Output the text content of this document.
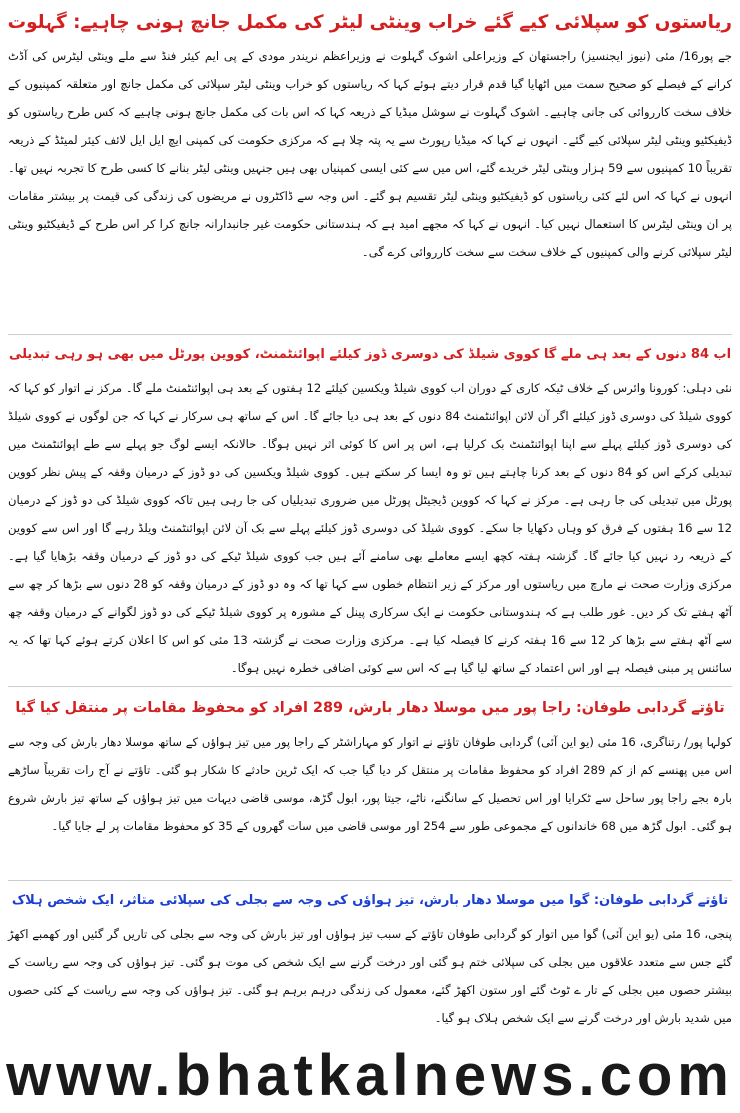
ریاستوں کو سپلائی کیے گئے خراب وینٹی لیٹر کی مکمل جانچ ہونی چاہیے: گہلوت

جے پور16/ مئی (نیوز ایجنسیز) راجستھان کے وزیراعلی اشوک گہلوت نے وزیراعظم نریندر مودی کے پی ایم کیئر فنڈ سے ملے وینٹی لیٹرس کی آڈٹ کرانے کے فیصلے کو صحیح سمت میں اٹھایا گیا قدم قرار دیتے ہوئے کہا کہ ریاستوں کو خراب وینٹی لیٹر سپلائی کی مکمل جانچ اور متعلقہ کمپنیوں کے خلاف سخت کارروائی کی جانی چاہیے۔ اشوک گہلوت نے سوشل میڈیا کے ذریعہ کہا کہ اس بات کی مکمل جانچ ہونی چاہیے کہ کس طرح ریاستوں کو ڈیفیکٹیو وینٹی لیٹر سپلائی کیے گئے۔ انہوں نے کہا کہ میڈیا رپورٹ سے یہ پتہ چلا ہے کہ مرکزی حکومت کی کمپنی ایچ ایل ایل لائف کیئر لمیٹڈ کے ذریعہ تقریباً 10 کمپنیوں سے 59 ہزار وینٹی لیٹر خریدے گئے، اس میں سے کئی ایسی کمپنیاں بھی ہیں جنہیں وینٹی لیٹر بنانے کا کسی طرح کا تجربہ نہیں تھا۔ انہوں نے کہا کہ اس لئے کئی ریاستوں کو ڈیفیکٹیو وینٹی لیٹر تقسیم ہو گئے۔ اس وجہ سے ڈاکٹروں نے مریضوں کی زندگی کی قیمت پر بیشتر مقامات پر ان وینٹی لیٹرس کا استعمال نہیں کیا۔ انہوں نے کہا کہ مجھے امید ہے کہ ہندستانی حکومت غیر جانبدارانہ جانچ کرا کر اس طرح کے ڈیفیکٹیو وینٹی لیٹر سپلائی کرنے والی کمپنیوں کے خلاف سخت سے سخت کارروائی کرے گی۔

اب 84 دنوں کے بعد ہی ملے گا کووی شیلڈ کی دوسری ڈوز کیلئے اپوائنٹمنٹ، کووین پورٹل میں بھی ہو رہی تبدیلی

نئی دہلی: کورونا وائرس کے خلاف ٹیکہ کاری کے دوران اب کووی شیلڈ ویکسین کیلئے 12 ہفتوں کے بعد ہی اپوائنٹمنٹ ملے گا۔ مرکز نے اتوار کو کہا کہ کووی شیلڈ کی دوسری ڈوز کیلئے اگر آن لائن اپوائنٹمنٹ 84 دنوں کے بعد ہی دیا جائے گا۔ اس کے ساتھ ہی سرکار نے کہا کہ جن لوگوں نے کووی شیلڈ کی دوسری ڈوز کیلئے پہلے سے اپنا اپوائنٹمنٹ بک کرلیا ہے، اس پر اس کا کوئی اثر نہیں ہوگا۔ حالانکہ ایسے لوگ جو پہلے سے طے اپوائنٹمنٹ میں تبدیلی کرکے اس کو 84 دنوں کے بعد کرنا چاہتے ہیں تو وہ ایسا کر سکتے ہیں۔ کووی شیلڈ ویکسین کی دو ڈوز کے درمیان وقفہ کے پیش نظر کووین پورٹل میں تبدیلی کی جا رہی ہے۔ مرکز نے کہا کہ کووین ڈیجیٹل پورٹل میں ضروری تبدیلیاں کی جا رہی ہیں تاکہ کووی شیلڈ کی دو ڈوز کے درمیان 12 سے 16 ہفتوں کے فرق کو وہاں دکھایا جا سکے۔ کووی شیلڈ کی دوسری ڈوز کیلئے پہلے سے بک آن لائن اپوائنٹمنٹ ویلڈ رہے گا اور اس سے کووین کے ذریعہ رد نہیں کیا جائے گا۔ گزشتہ ہفتہ کچھ ایسے معاملے بھی سامنے آئے ہیں جب کووی شیلڈ ٹیکے کی دو ڈوز کے درمیان وقفہ بڑھایا گیا ہے۔ مرکزی وزارت صحت نے مارچ میں ریاستوں اور مرکز کے زیر انتظام خطوں سے کہا تھا کہ وہ دو ڈوز کے درمیان وقفہ کو 28 دنوں سے بڑھا کر چھ سے آٹھ ہفتے تک کر دیں۔ غور طلب ہے کہ ہندوستانی حکومت نے ایک سرکاری پینل کے مشورہ پر کووی شیلڈ ٹیکے کی دو ڈوز لگوانے کے درمیان وقفہ چھ سے آٹھ ہفتے سے بڑھا کر 12 سے 16 ہفتہ کرنے کا فیصلہ کیا ہے۔ مرکزی وزارت صحت نے گزشتہ 13 مئی کو اس کا اعلان کرتے ہوئے کہا تھا کہ یہ سائنس پر مبنی فیصلہ ہے اور اس اعتماد کے ساتھ لیا گیا ہے کہ اس سے کوئی اضافی خطرہ نہیں ہوگا۔

تاؤتے گردابی طوفان: راجا پور میں موسلا دھار بارش، 289 افراد کو محفوظ مقامات پر منتقل کیا گیا

کولہا پور/ رتناگری، 16 مئی (یو این آئی) گردابی طوفان تاؤتے نے اتوار کو مہاراشٹر کے راجا پور میں تیز ہواؤں کے ساتھ موسلا دھار بارش کی وجہ سے اس میں پھنسے کم از کم 289 افراد کو محفوظ مقامات پر منتقل کر دیا گیا جب کہ ایک ٹرین حادثے کا شکار ہو گئی۔ تاؤتے نے آج رات تقریباً ساڑھے بارہ بجے راجا پور ساحل سے ٹکرایا اور اس تحصیل کے سانگنے، ناٹے، جیتا پور، ابول گڑھ، موسی قاضی دیہات میں تیز ہواؤں کے ساتھ تیز بارش شروع ہو گئی۔ ابول گڑھ میں 68 خاندانوں کے مجموعی طور سے 254 اور موسی قاضی میں سات گھروں کے 35 کو محفوظ مقامات پر لے جایا گیا۔

تاؤتے گردابی طوفان: گوا میں موسلا دھار بارش، تیز ہواؤں کی وجہ سے بجلی کی سپلائی متاثر، ایک شخص ہلاک

پنجی، 16 مئی (یو این آئی) گوا میں اتوار کو گردابی طوفان تاؤتے کے سبب تیز ہواؤں اور تیز بارش کی وجہ سے بجلی کی تاریں گر گئیں اور کھمبے اکھڑ گئے جس سے متعدد علاقوں میں بجلی کی سپلائی ختم ہو گئی اور درخت گرنے سے ایک شخص کی موت ہو گئی۔ تیز ہواؤں کی وجہ سے ریاست کے بیشتر حصوں میں بجلی کے تار ے ٹوٹ گئے اور ستون اکھڑ گئے، معمول کی زندگی درہم برہم ہو گئی۔ تیز ہواؤں کی وجہ سے ریاست کے کئی حصوں میں شدید بارش اور درخت گرنے سے ایک شخص ہلاک ہو گیا۔

www.bhatkalnews.com
